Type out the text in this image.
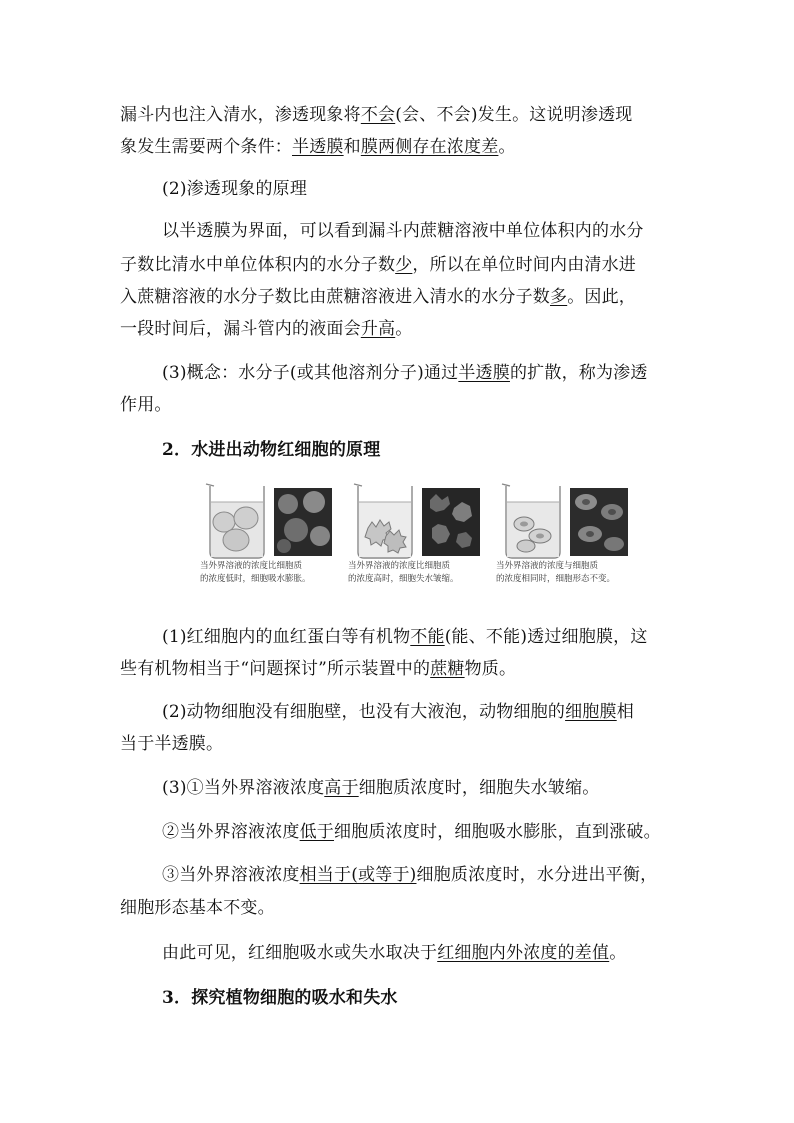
漏斗内也注入清水，渗透现象将不会(会、不会)发生。这说明渗透现
象发生需要两个条件：半透膜和膜两侧存在浓度差。
(2)渗透现象的原理
以半透膜为界面，可以看到漏斗内蔗糖溶液中单位体积内的水分
子数比清水中单位体积内的水分子数少，所以在单位时间内由清水进
入蔗糖溶液的水分子数比由蔗糖溶液进入清水的水分子数多。因此，
一段时间后，漏斗管内的液面会升高。
(3)概念：水分子(或其他溶剂分子)通过半透膜的扩散，称为渗透
作用。
2．水进出动物红细胞的原理
当外界溶液的浓度比细胞质
的浓度低时，细胞吸水膨胀。
当外界溶液的浓度比细胞质
的浓度高时，细胞失水皱缩。
当外界溶液的浓度与细胞质
的浓度相同时，细胞形态不变。
(1)红细胞内的血红蛋白等有机物不能(能、不能)透过细胞膜，这
些有机物相当于“问题探讨”所示装置中的蔗糖物质。
(2)动物细胞没有细胞壁，也没有大液泡，动物细胞的细胞膜相
当于半透膜。
(3)①当外界溶液浓度高于细胞质浓度时，细胞失水皱缩。
②当外界溶液浓度低于细胞质浓度时，细胞吸水膨胀，直到涨破。
③当外界溶液浓度相当于(或等于)细胞质浓度时，水分进出平衡，
细胞形态基本不变。
由此可见，红细胞吸水或失水取决于红细胞内外浓度的差值。
3．探究植物细胞的吸水和失水
